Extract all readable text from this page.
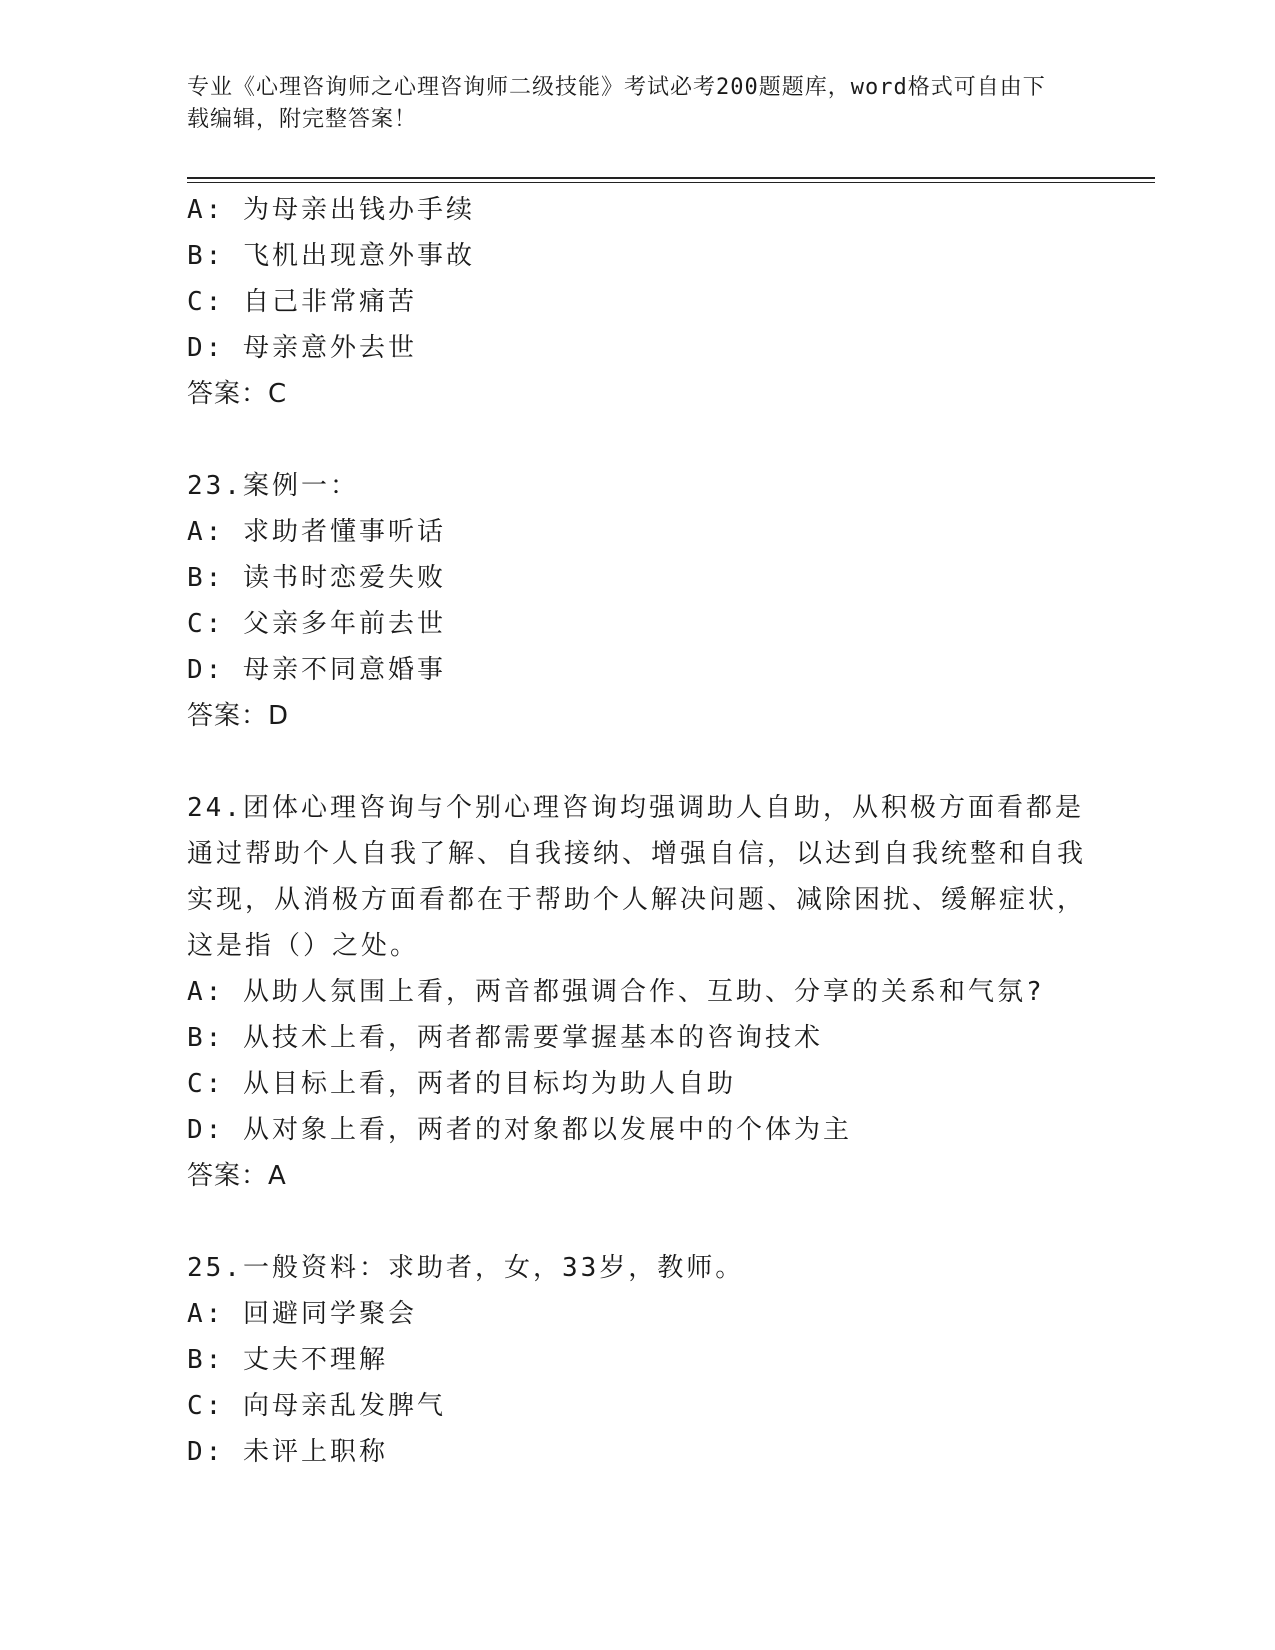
专业《心理咨询师之心理咨询师二级技能》考试必考200题题库，word格式可自由下载编辑，附完整答案！
A: 为母亲出钱办手续
B: 飞机出现意外事故
C: 自己非常痛苦
D: 母亲意外去世
答案：C
23.案例一：
A: 求助者懂事听话
B: 读书时恋爱失败
C: 父亲多年前去世
D: 母亲不同意婚事
答案：D
24.团体心理咨询与个别心理咨询均强调助人自助，从积极方面看都是通过帮助个人自我了解、自我接纳、增强自信，以达到自我统整和自我实现，从消极方面看都在于帮助个人解决问题、减除困扰、缓解症状，这是指（）之处。
A: 从助人氛围上看，两音都强调合作、互助、分享的关系和气氛?
B: 从技术上看，两者都需要掌握基本的咨询技术
C: 从目标上看，两者的目标均为助人自助
D: 从对象上看，两者的对象都以发展中的个体为主
答案：A
25.一般资料：求助者，女，33岁，教师。
A: 回避同学聚会
B: 丈夫不理解
C: 向母亲乱发脾气
D: 未评上职称
